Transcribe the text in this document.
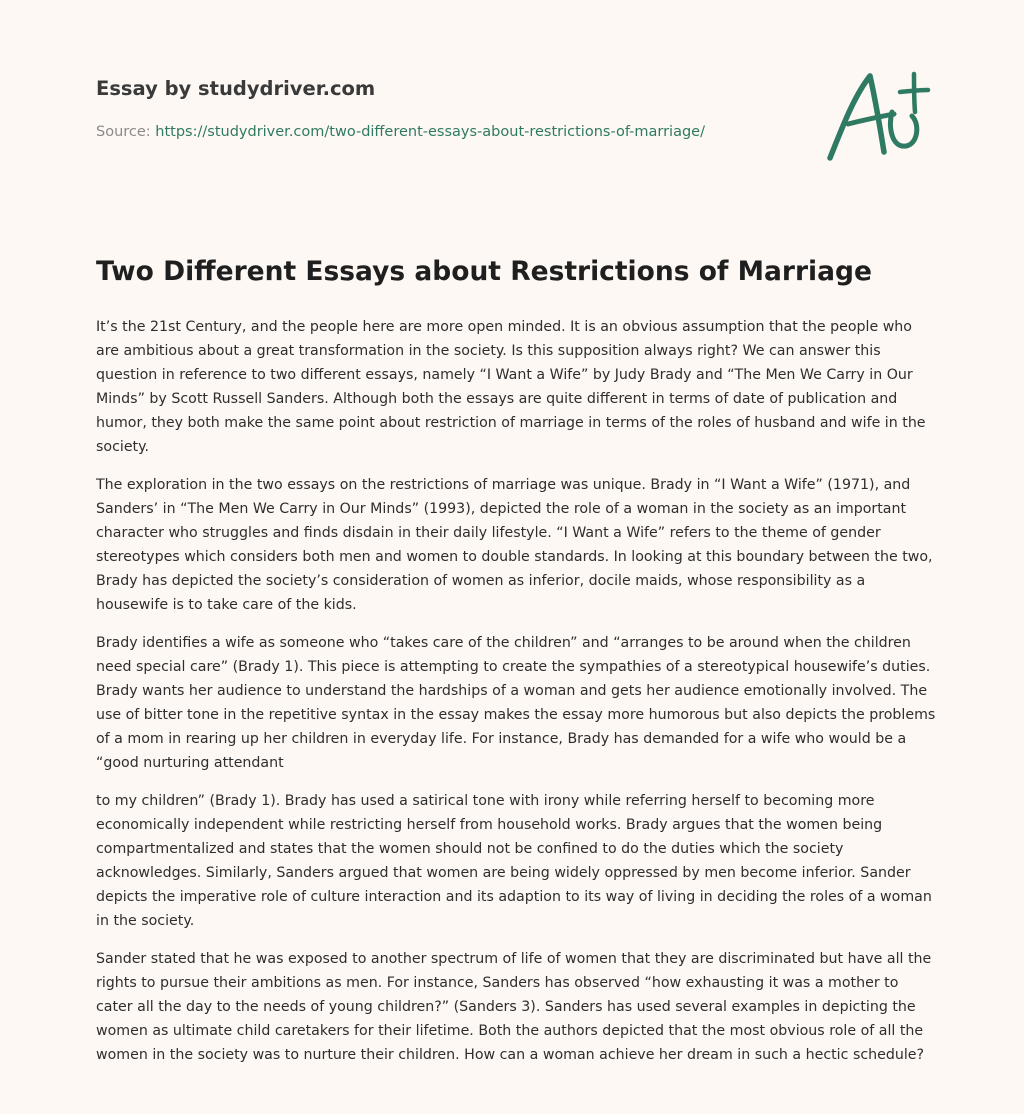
Essay by studydriver.com
Source: https://studydriver.com/two-different-essays-about-restrictions-of-marriage/
Two Different Essays about Restrictions of Marriage

It’s the 21st Century, and the people here are more open minded. It is an obvious assumption that the people who are ambitious about a great transformation in the society. Is this supposition always right? We can answer this question in reference to two different essays, namely “I Want a Wife” by Judy Brady and “The Men We Carry in Our Minds” by Scott Russell Sanders. Although both the essays are quite different in terms of date of publication and humor, they both make the same point about restriction of marriage in terms of the roles of husband and wife in the society.

The exploration in the two essays on the restrictions of marriage was unique. Brady in “I Want a Wife” (1971), and Sanders’ in “The Men We Carry in Our Minds” (1993), depicted the role of a woman in the society as an important character who struggles and finds disdain in their daily lifestyle. “I Want a Wife” refers to the theme of gender stereotypes which considers both men and women to double standards. In looking at this boundary between the two, Brady has depicted the society’s consideration of women as inferior, docile maids, whose responsibility as a housewife is to take care of the kids.

Brady identifies a wife as someone who “takes care of the children” and “arranges to be around when the children need special care” (Brady 1). This piece is attempting to create the sympathies of a stereotypical housewife’s duties. Brady wants her audience to understand the hardships of a woman and gets her audience emotionally involved. The use of bitter tone in the repetitive syntax in the essay makes the essay more humorous but also depicts the problems of a mom in rearing up her children in everyday life. For instance, Brady has demanded for a wife who would be a “good nurturing attendant

to my children” (Brady 1). Brady has used a satirical tone with irony while referring herself to becoming more economically independent while restricting herself from household works. Brady argues that the women being compartmentalized and states that the women should not be confined to do the duties which the society acknowledges. Similarly, Sanders argued that women are being widely oppressed by men become inferior. Sander depicts the imperative role of culture interaction and its adaption to its way of living in deciding the roles of a woman in the society.

Sander stated that he was exposed to another spectrum of life of women that they are discriminated but have all the rights to pursue their ambitions as men. For instance, Sanders has observed “how exhausting it was a mother to cater all the day to the needs of young children?” (Sanders 3). Sanders has used several examples in depicting the women as ultimate child caretakers for their lifetime. Both the authors depicted that the most obvious role of all the women in the society was to nurture their children. How can a woman achieve her dream in such a hectic schedule?
